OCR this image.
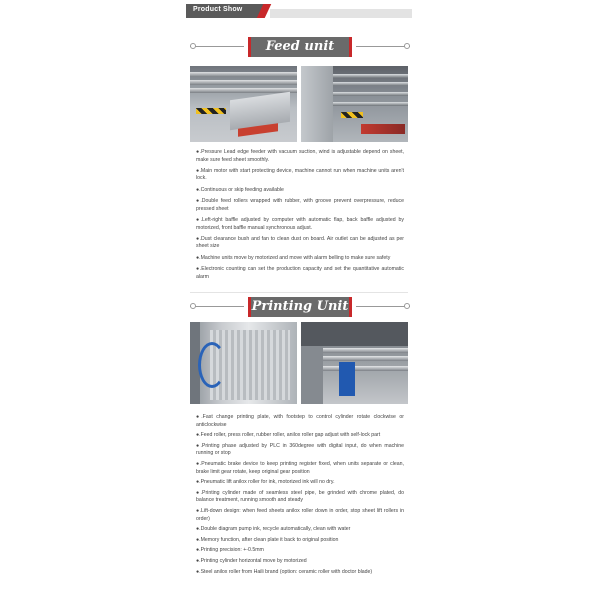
Product Show
Feed unit
●.Pressure Lead edge feeder with vacuum suction, wind is adjustable depend on sheet, make sure feed sheet smoothly.
●.Main motor with start protecting device, machine cannot run when machine units aren't lock.
●.Continuous or skip feeding available
●.Double feed rollers wrapped with rubber, with groove prevent overpressure, reduce pressed sheet
●.Left-right baffle adjusted by computer with automatic flap, back baffle adjusted by motorized, front baffle manual synchronous adjust.
●.Dust clearance bush and fan to clean dust on board. Air outlet can be adjusted as per sheet size
●.Machine units move by motorized and move with alarm belling to make sure safety
●.Electronic counting can set the production capacity and set the quantitative automatic alarm
Printing Unit
●.Fast change printing plate, with footstep to control cylinder rotate clockwise or anticlockwise
●.Feed roller, press roller, rubber roller, anilox roller gap adjust with self-lock part
●.Printing phase adjusted by PLC in 360degree with digital input, do when machine running or stop
●.Pneumatic brake device to keep printing register fixed, when units separate or clean, brake limit gear rotate, keep original gear position
●.Pneumatic lift anilox roller for ink, motorized ink will no dry.
●.Printing cylinder made of seamless steel pipe, be grinded with chrome plated, do balance treatment, running smooth and steady
●.Lift-down design: when feed sheets anilox roller down in order, stop sheet lift rollers in order)
●.Double diagram pump ink, recycle automatically, clean with water
●.Memory function, after clean plate it back to original position
●.Printing precision: +-0.5mm
●.Printing cylinder horizontal move by motorized
●.Steel anilox roller from Haili brand (option: ceramic roller with doctor blade)
